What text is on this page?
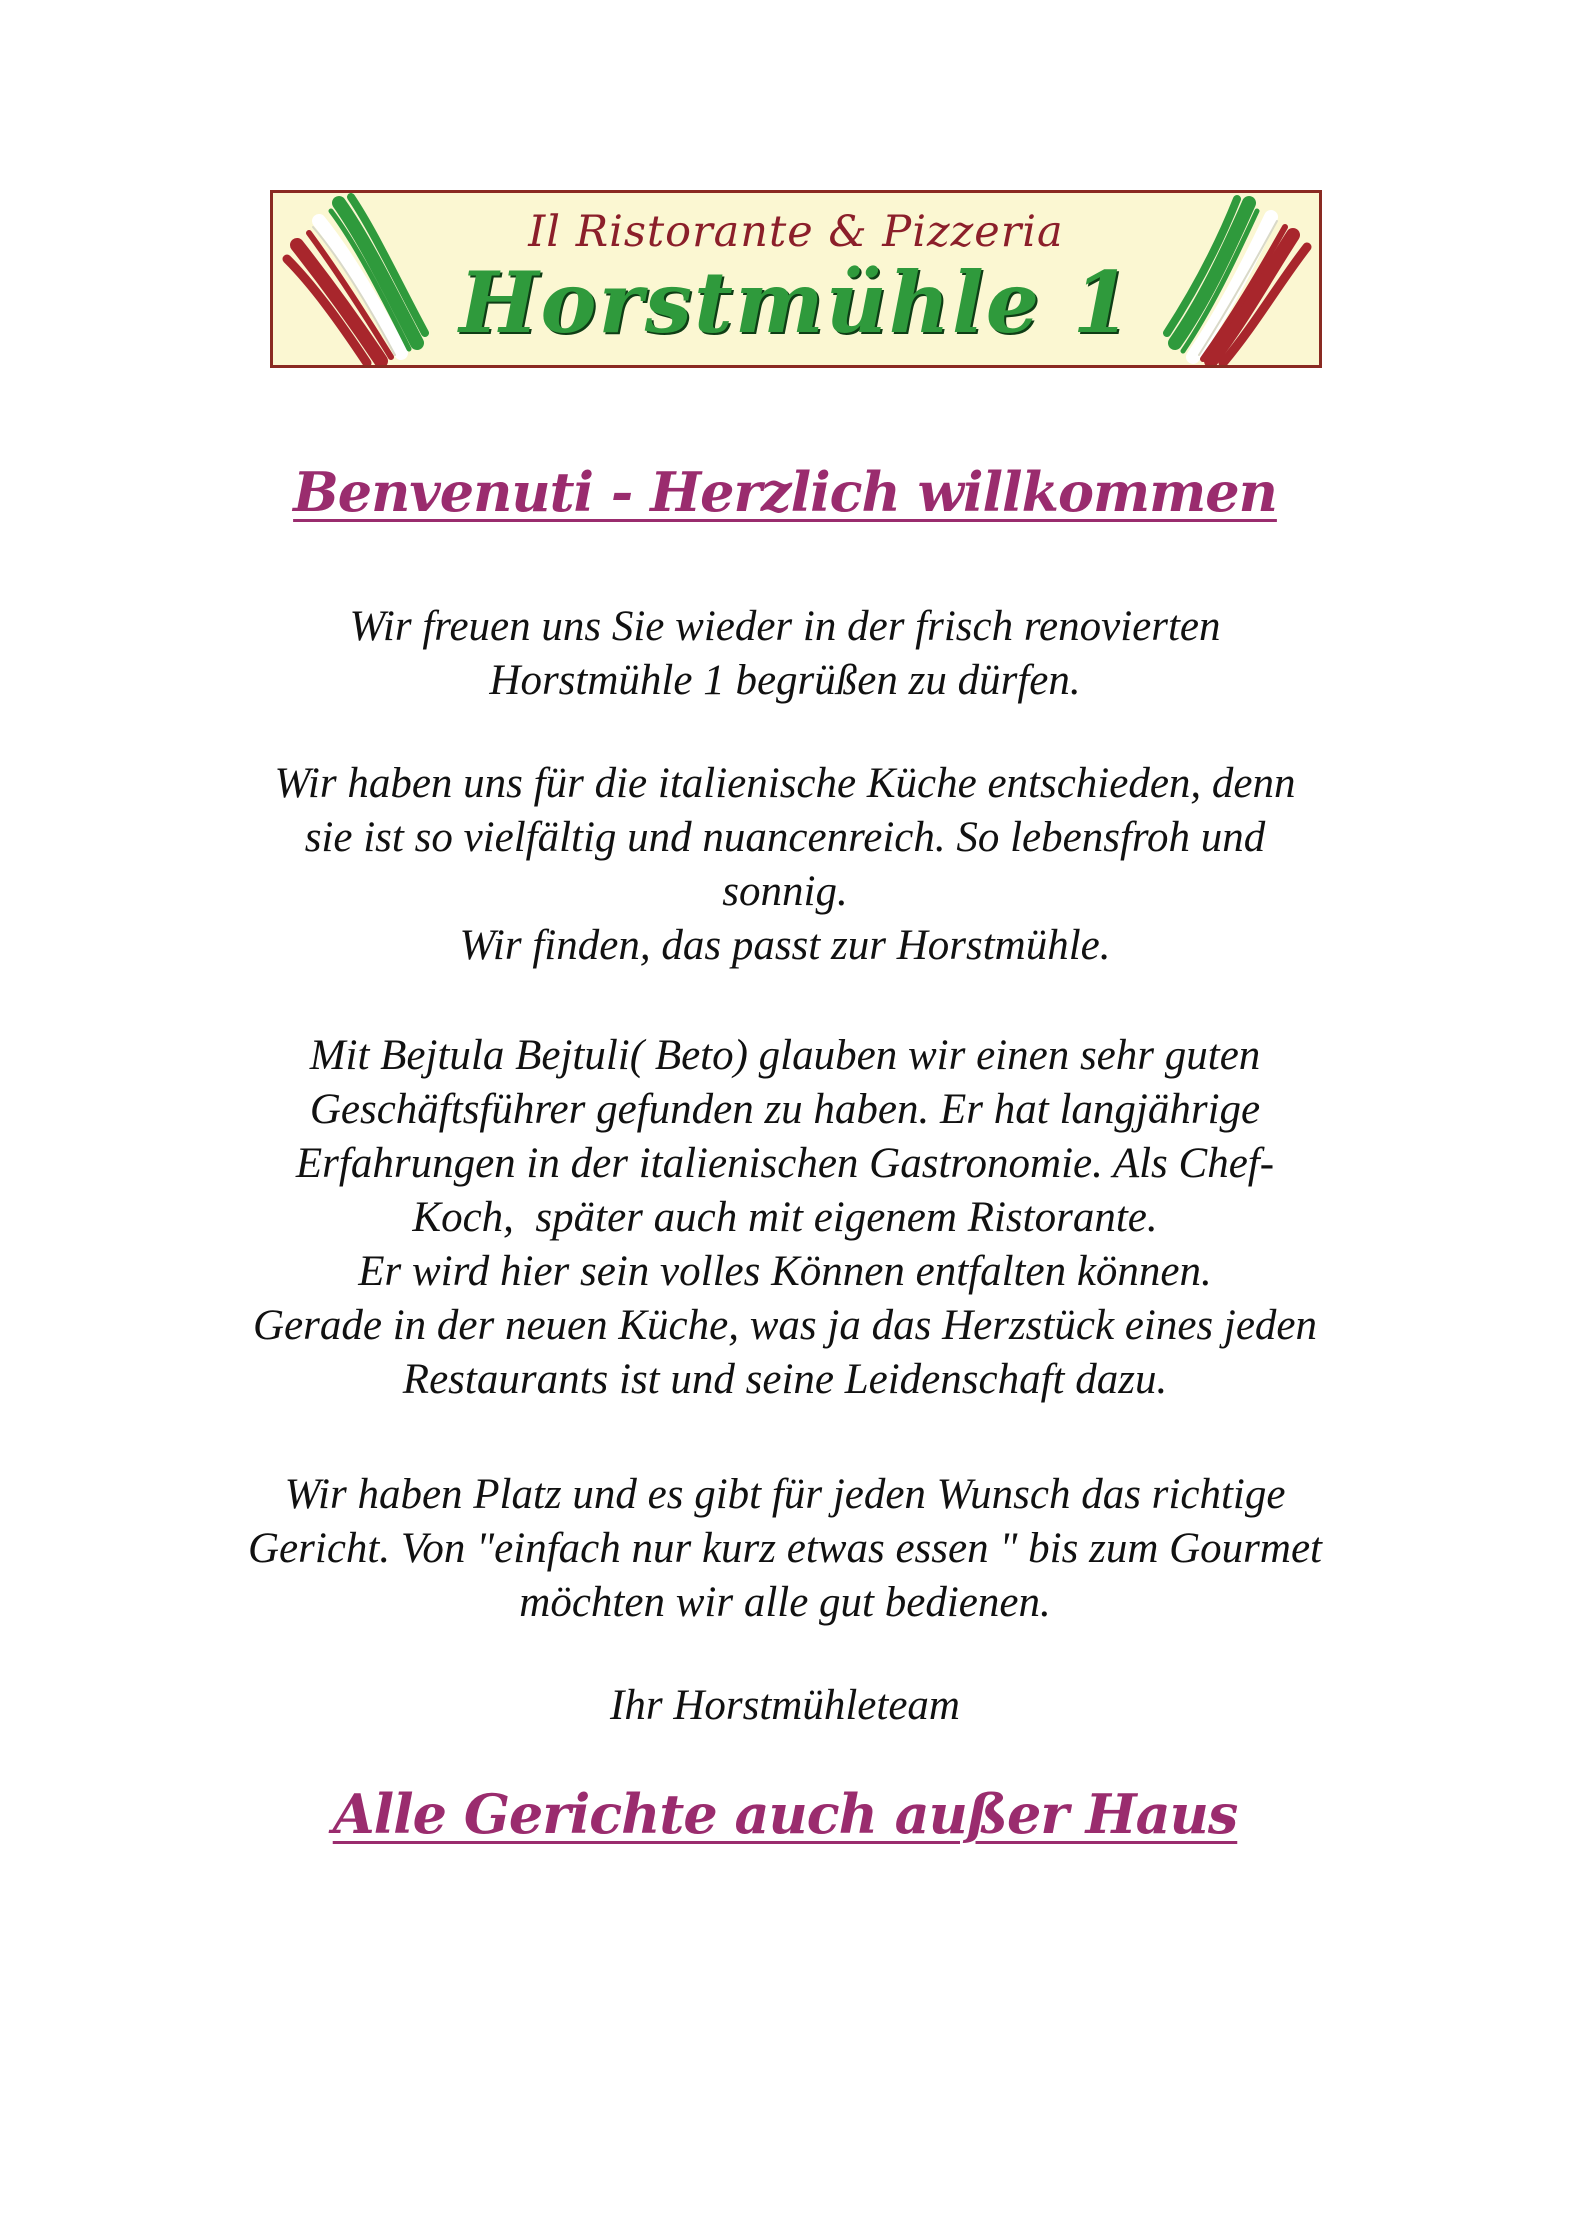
Il Ristorante & Pizzeria
Horstmühle 1
Benvenuti - Herzlich willkommen
Wir freuen uns Sie wieder in der frisch renovierten
Horstmühle 1 begrüßen zu dürfen.
Wir haben uns für die italienische Küche entschieden, denn
sie ist so vielfältig und nuancenreich. So lebensfroh und
sonnig.
Wir finden, das passt zur Horstmühle.
Mit Bejtula Bejtuli( Beto) glauben wir einen sehr guten
Geschäftsführer gefunden zu haben. Er hat langjährige
Erfahrungen in der italienischen Gastronomie. Als Chef-
Koch,  später auch mit eigenem Ristorante.
Er wird hier sein volles Können entfalten können.
Gerade in der neuen Küche, was ja das Herzstück eines jeden
Restaurants ist und seine Leidenschaft dazu.
Wir haben Platz und es gibt für jeden Wunsch das richtige
Gericht. Von "einfach nur kurz etwas essen " bis zum Gourmet
möchten wir alle gut bedienen.
Ihr Horstmühleteam
Alle Gerichte auch außer Haus
